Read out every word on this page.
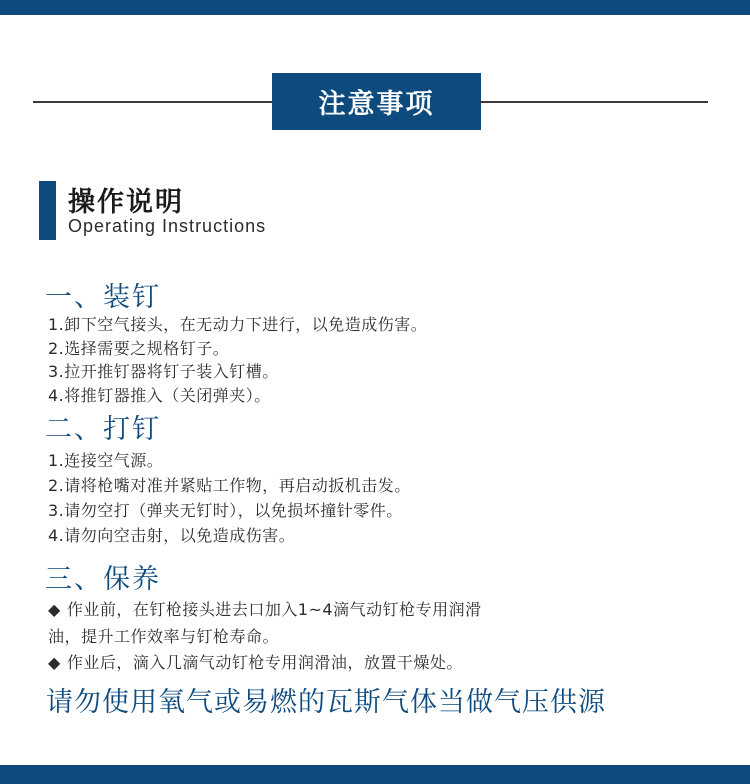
注意事项
操作说明
Operating Instructions
一、装钉
1.卸下空气接头，在无动力下进行，以免造成伤害。
2.选择需要之规格钉子。
3.拉开推钉器将钉子装入钉槽。
4.将推钉器推入（关闭弹夹）。
二、打钉
1.连接空气源。
2.请将枪嘴对准并紧贴工作物，再启动扳机击发。
3.请勿空打（弹夹无钉时），以免损坏撞针零件。
4.请勿向空击射，以免造成伤害。
三、保养
◆ 作业前，在钉枪接头进去口加入1~4滴气动钉枪专用润滑
油，提升工作效率与钉枪寿命。
◆ 作业后，滴入几滴气动钉枪专用润滑油，放置干燥处。
请勿使用氧气或易燃的瓦斯气体当做气压供源
